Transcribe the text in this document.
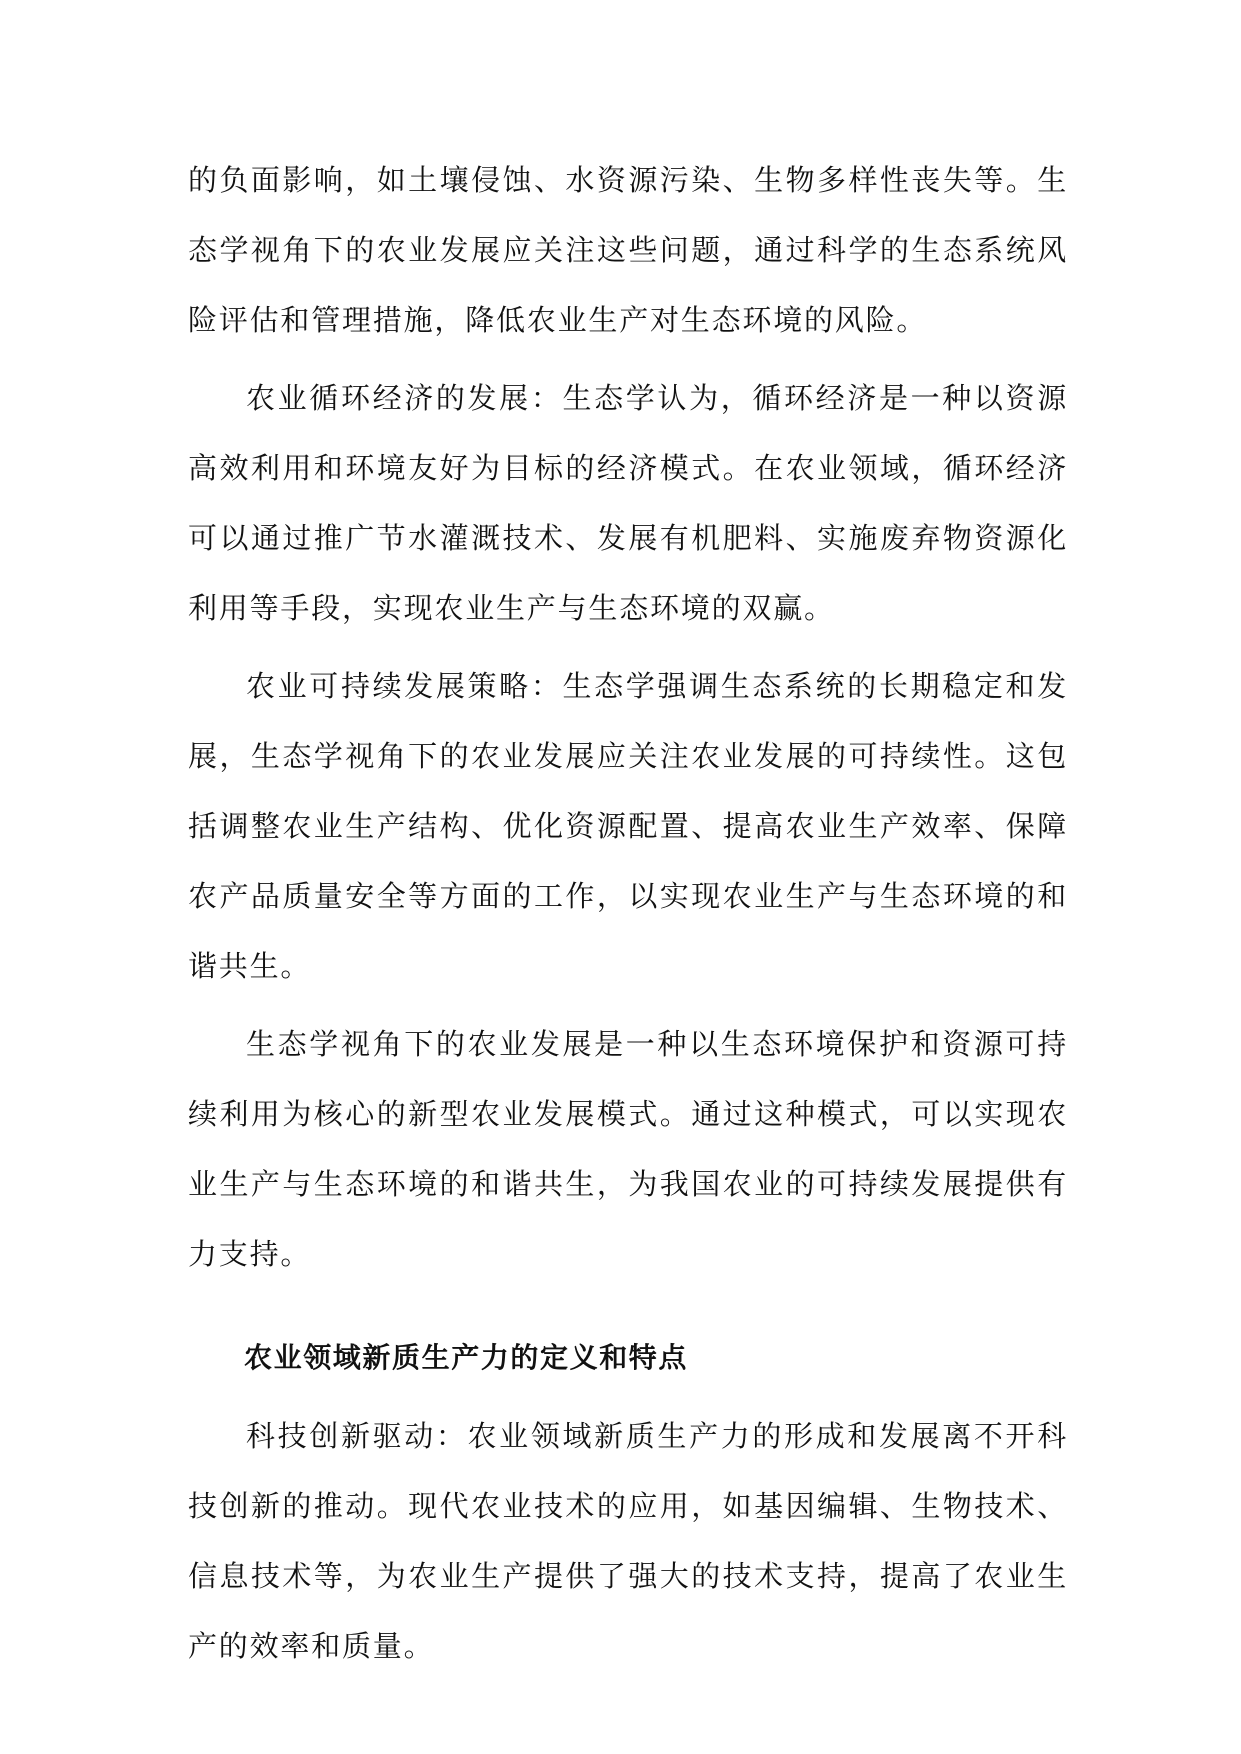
的负面影响，如土壤侵蚀、水资源污染、生物多样性丧失等。生态学视角下的农业发展应关注这些问题，通过科学的生态系统风险评估和管理措施，降低农业生产对生态环境的风险。

农业循环经济的发展：生态学认为，循环经济是一种以资源高效利用和环境友好为目标的经济模式。在农业领域，循环经济可以通过推广节水灌溉技术、发展有机肥料、实施废弃物资源化利用等手段，实现农业生产与生态环境的双赢。

农业可持续发展策略：生态学强调生态系统的长期稳定和发展，生态学视角下的农业发展应关注农业发展的可持续性。这包括调整农业生产结构、优化资源配置、提高农业生产效率、保障农产品质量安全等方面的工作，以实现农业生产与生态环境的和谐共生。

生态学视角下的农业发展是一种以生态环境保护和资源可持续利用为核心的新型农业发展模式。通过这种模式，可以实现农业生产与生态环境的和谐共生，为我国农业的可持续发展提供有力支持。

农业领域新质生产力的定义和特点

科技创新驱动：农业领域新质生产力的形成和发展离不开科技创新的推动。现代农业技术的应用，如基因编辑、生物技术、信息技术等，为农业生产提供了强大的技术支持，提高了农业生产的效率和质量。
